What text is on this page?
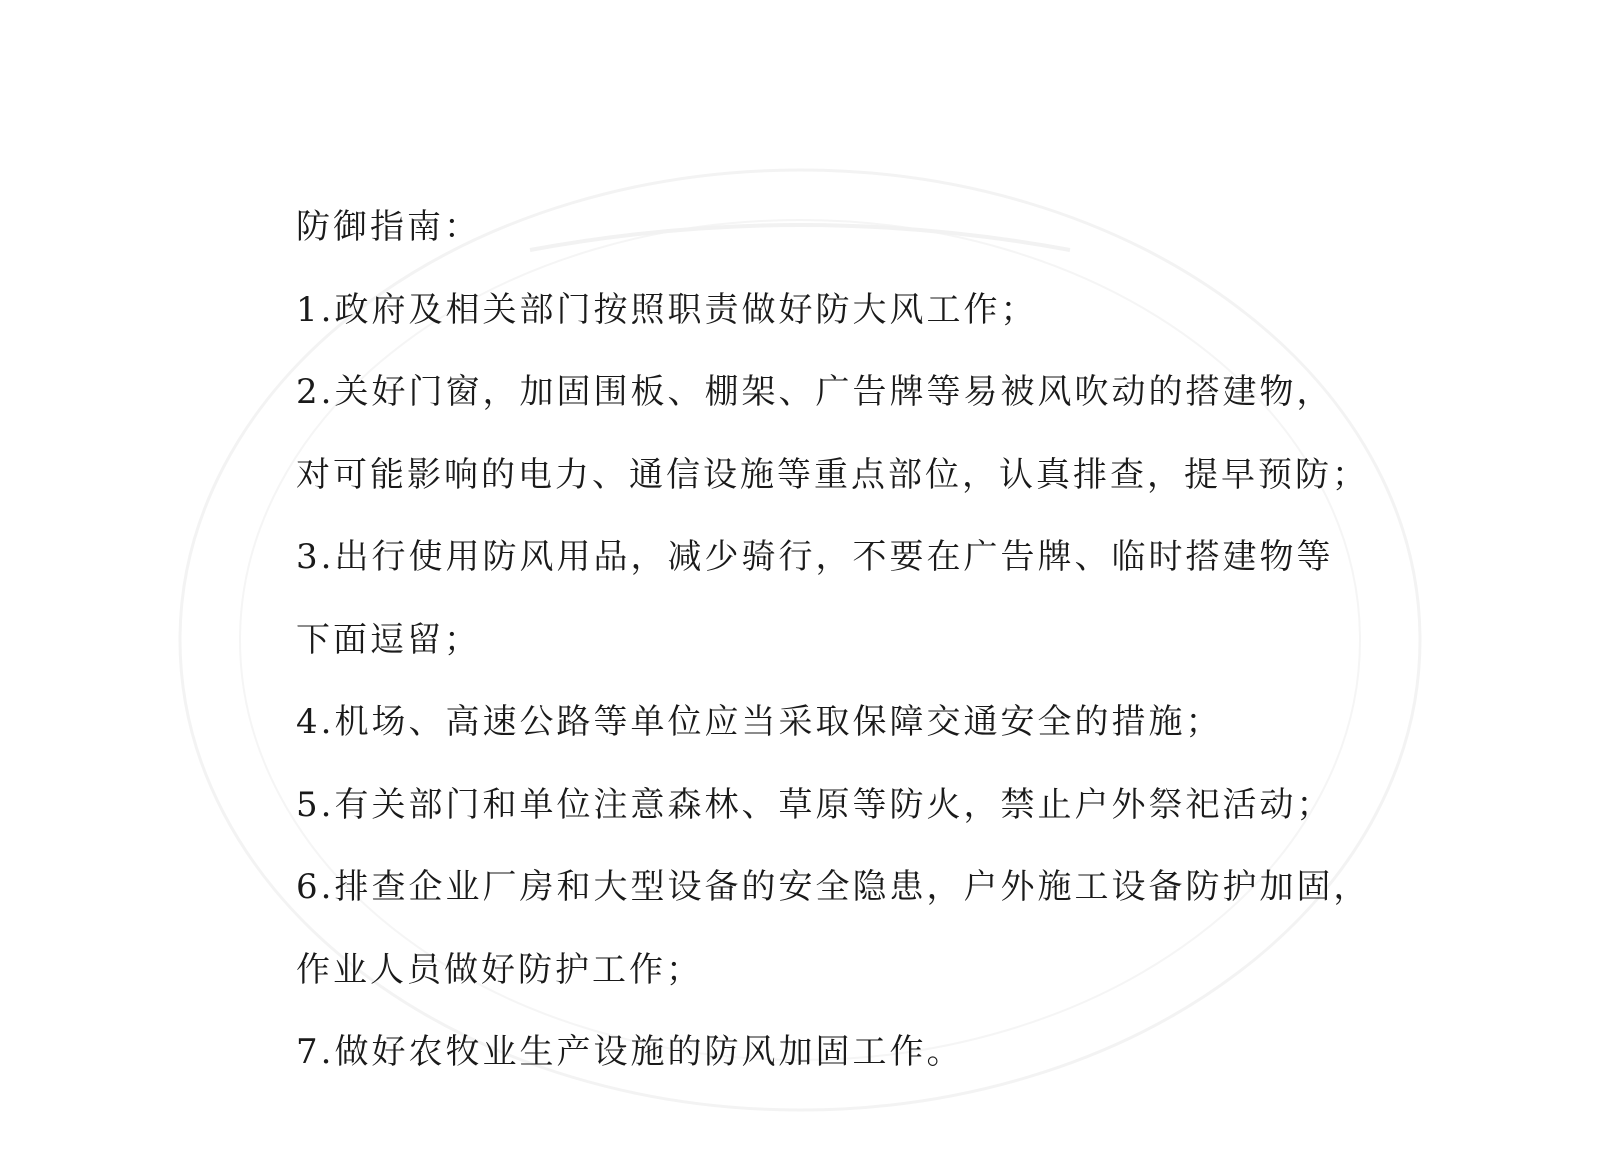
防御指南：
1.政府及相关部门按照职责做好防大风工作；
2.关好门窗，加固围板、棚架、广告牌等易被风吹动的搭建物，
对可能影响的电力、通信设施等重点部位，认真排查，提早预防；
3.出行使用防风用品，减少骑行，不要在广告牌、临时搭建物等
下面逗留；
4.机场、高速公路等单位应当采取保障交通安全的措施；
5.有关部门和单位注意森林、草原等防火，禁止户外祭祀活动；
6.排查企业厂房和大型设备的安全隐患，户外施工设备防护加固，
作业人员做好防护工作；
7.做好农牧业生产设施的防风加固工作。
